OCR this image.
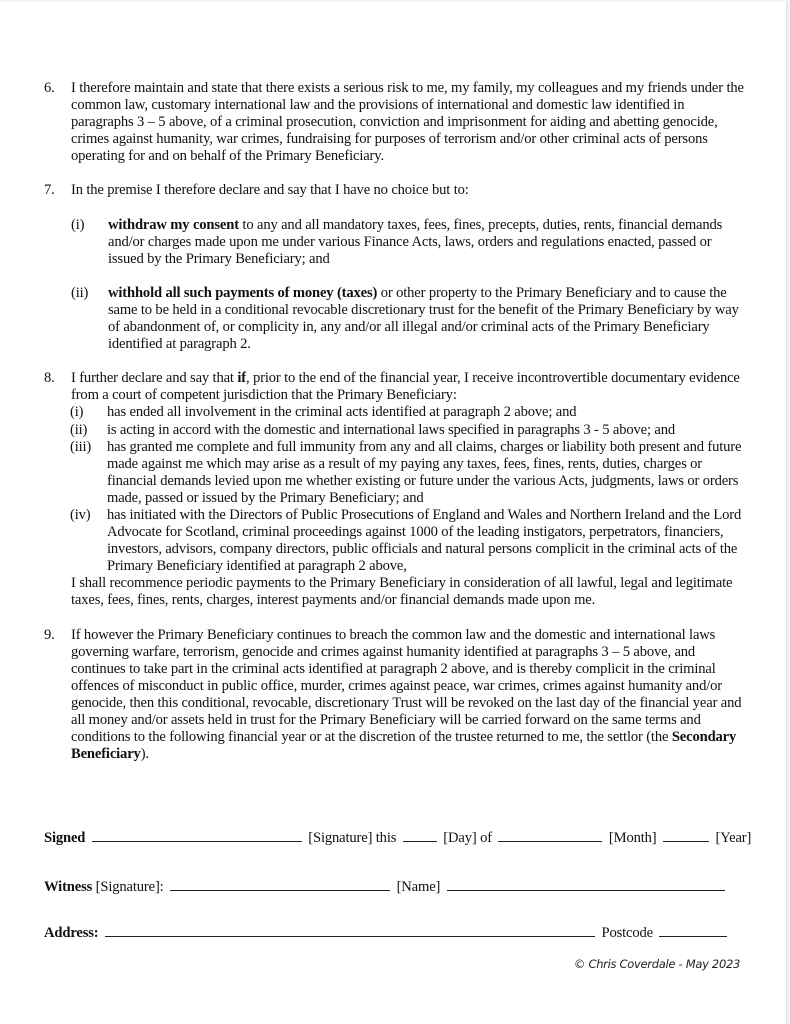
6. I therefore maintain and state that there exists a serious risk to me, my family, my colleagues and my friends under the common law, customary international law and the provisions of international and domestic law identified in paragraphs 3 – 5 above, of a criminal prosecution, conviction and imprisonment for aiding and abetting genocide, crimes against humanity, war crimes, fundraising for purposes of terrorism and/or other criminal acts of persons operating for and on behalf of the Primary Beneficiary.
7. In the premise I therefore declare and say that I have no choice but to:
(i) withdraw my consent to any and all mandatory taxes, fees, fines, precepts, duties, rents, financial demands and/or charges made upon me under various Finance Acts, laws, orders and regulations enacted, passed or issued by the Primary Beneficiary; and
(ii) withhold all such payments of money (taxes) or other property to the Primary Beneficiary and to cause the same to be held in a conditional revocable discretionary trust for the benefit of the Primary Beneficiary by way of abandonment of, or complicity in, any and/or all illegal and/or criminal acts of the Primary Beneficiary identified at paragraph 2.
8. I further declare and say that if, prior to the end of the financial year, I receive incontrovertible documentary evidence from a court of competent jurisdiction that the Primary Beneficiary:
(i) has ended all involvement in the criminal acts identified at paragraph 2 above; and
(ii) is acting in accord with the domestic and international laws specified in paragraphs 3 - 5 above; and
(iii) has granted me complete and full immunity from any and all claims, charges or liability both present and future made against me which may arise as a result of my paying any taxes, fees, fines, rents, duties, charges or financial demands levied upon me whether existing or future under the various Acts, judgments, laws or orders made, passed or issued by the Primary Beneficiary; and
(iv) has initiated with the Directors of Public Prosecutions of England and Wales and Northern Ireland and the Lord Advocate for Scotland, criminal proceedings against 1000 of the leading instigators, perpetrators, financiers, investors, advisors, company directors, public officials and natural persons complicit in the criminal acts of the Primary Beneficiary identified at paragraph 2 above,
I shall recommence periodic payments to the Primary Beneficiary in consideration of all lawful, legal and legitimate taxes, fees, fines, rents, charges, interest payments and/or financial demands made upon me.
9. If however the Primary Beneficiary continues to breach the common law and the domestic and international laws governing warfare, terrorism, genocide and crimes against humanity identified at paragraphs 3 – 5 above, and continues to take part in the criminal acts identified at paragraph 2 above, and is thereby complicit in the criminal offences of misconduct in public office, murder, crimes against peace, war crimes, crimes against humanity and/or genocide, then this conditional, revocable, discretionary Trust will be revoked on the last day of the financial year and all money and/or assets held in trust for the Primary Beneficiary will be carried forward on the same terms and conditions to the following financial year or at the discretion of the trustee returned to me, the settlor (the Secondary Beneficiary).
Signed	[Signature] this	[Day] of	[Month]	[Year]
Witness [Signature]:	[Name]
Address:	Postcode
© Chris Coverdale - May 2023
